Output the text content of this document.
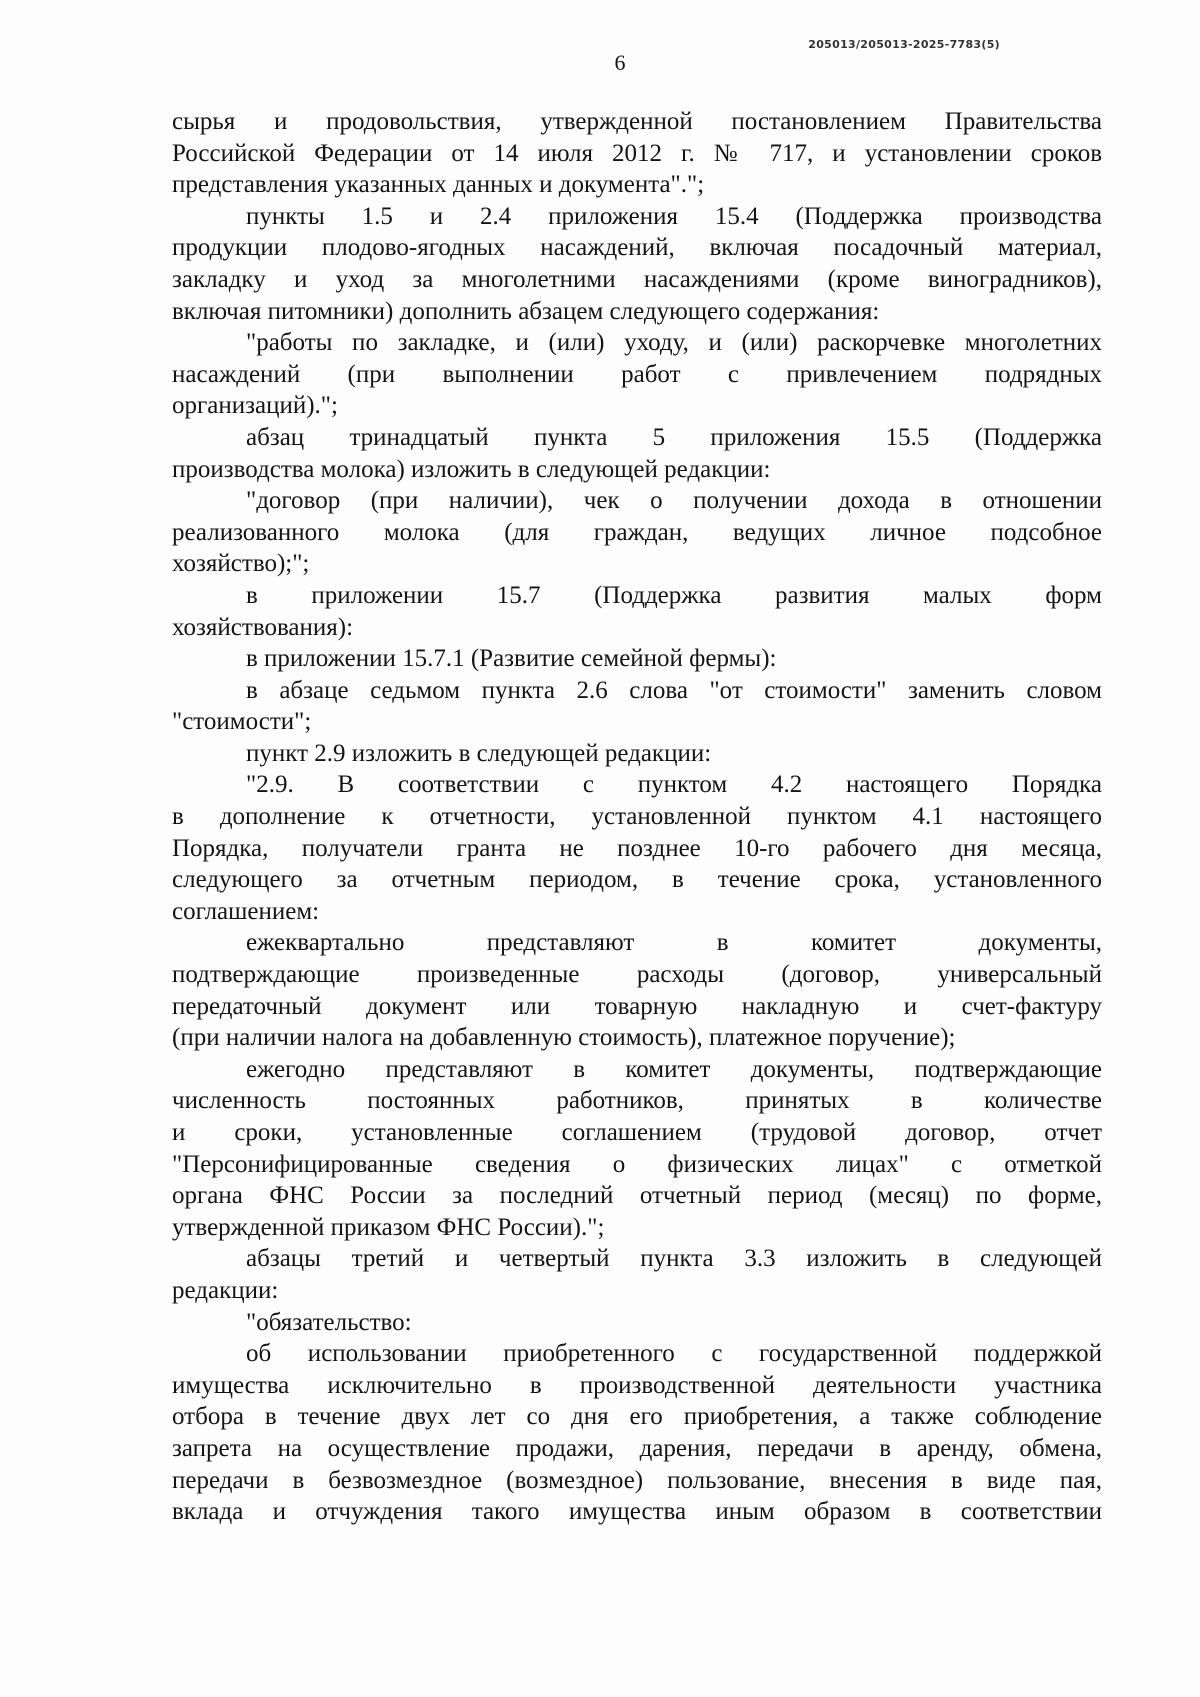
205013/205013-2025-7783(5)
6
сырья и продовольствия, утвержденной постановлением Правительства
Российской Федерации от 14 июля 2012 г. № 717, и установлении сроков
представления указанных данных и документа".";
пункты 1.5 и 2.4 приложения 15.4 (Поддержка производства
продукции плодово-ягодных насаждений, включая посадочный материал,
закладку и уход за многолетними насаждениями (кроме виноградников),
включая питомники) дополнить абзацем следующего содержания:
"работы по закладке, и (или) уходу, и (или) раскорчевке многолетних
насаждений (при выполнении работ с привлечением подрядных
организаций).";
абзац тринадцатый пункта 5 приложения 15.5 (Поддержка
производства молока) изложить в следующей редакции:
"договор (при наличии), чек о получении дохода в отношении
реализованного молока (для граждан, ведущих личное подсобное
хозяйство);";
в приложении 15.7 (Поддержка развития малых форм
хозяйствования):
в приложении 15.7.1 (Развитие семейной фермы):
в абзаце седьмом пункта 2.6 слова "от стоимости" заменить словом
"стоимости";
пункт 2.9 изложить в следующей редакции:
"2.9. В соответствии с пунктом 4.2 настоящего Порядка
в дополнение к отчетности, установленной пунктом 4.1 настоящего
Порядка, получатели гранта не позднее 10-го рабочего дня месяца,
следующего за отчетным периодом, в течение срока, установленного
соглашением:
ежеквартально представляют в комитет документы,
подтверждающие произведенные расходы (договор, универсальный
передаточный документ или товарную накладную и счет-фактуру
(при наличии налога на добавленную стоимость), платежное поручение);
ежегодно представляют в комитет документы, подтверждающие
численность постоянных работников, принятых в количестве
и сроки, установленные соглашением (трудовой договор, отчет
"Персонифицированные сведения о физических лицах" с отметкой
органа ФНС России за последний отчетный период (месяц) по форме,
утвержденной приказом ФНС России).";
абзацы третий и четвертый пункта 3.3 изложить в следующей
редакции:
"обязательство:
об использовании приобретенного с государственной поддержкой
имущества исключительно в производственной деятельности участника
отбора в течение двух лет со дня его приобретения, а также соблюдение
запрета на осуществление продажи, дарения, передачи в аренду, обмена,
передачи в безвозмездное (возмездное) пользование, внесения в виде пая,
вклада и отчуждения такого имущества иным образом в соответствии
